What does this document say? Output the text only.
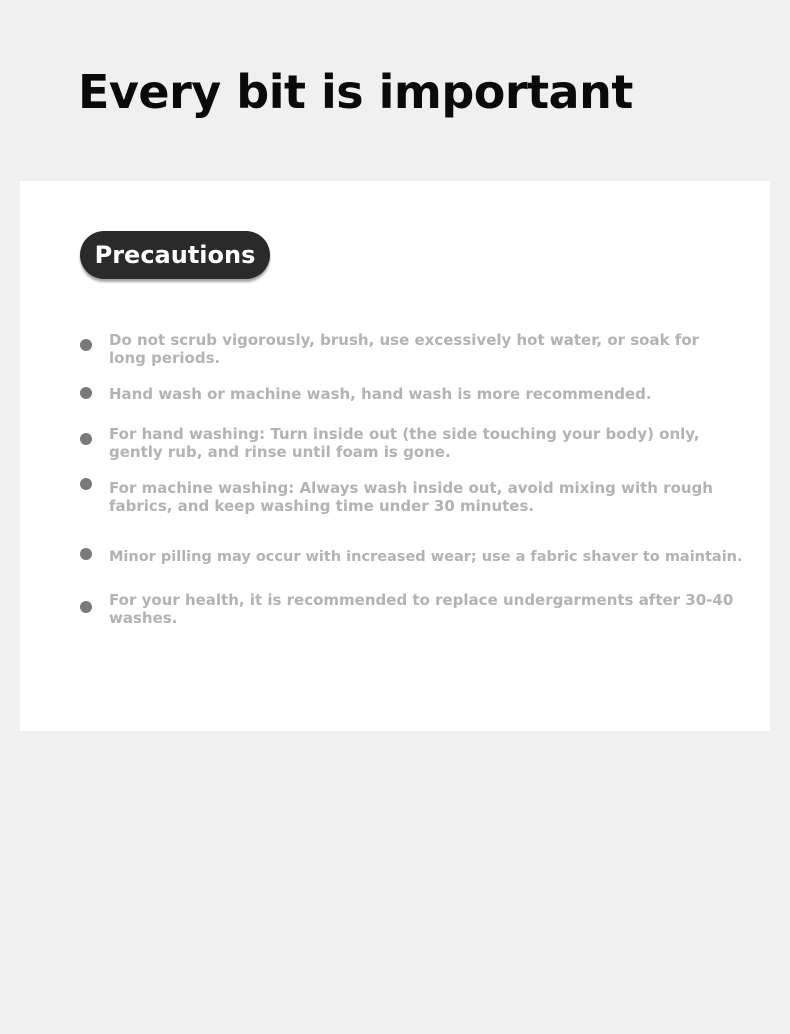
Every bit is important
Precautions
Do not scrub vigorously, brush, use excessively hot water, or soak for long periods.
Hand wash or machine wash, hand wash is more recommended.
For hand washing: Turn inside out (the side touching your body) only, gently rub, and rinse until foam is gone.
For machine washing: Always wash inside out, avoid mixing with rough fabrics, and keep washing time under 30 minutes.
Minor pilling may occur with increased wear; use a fabric shaver to maintain.
For your health, it is recommended to replace undergarments after 30-40 washes.
